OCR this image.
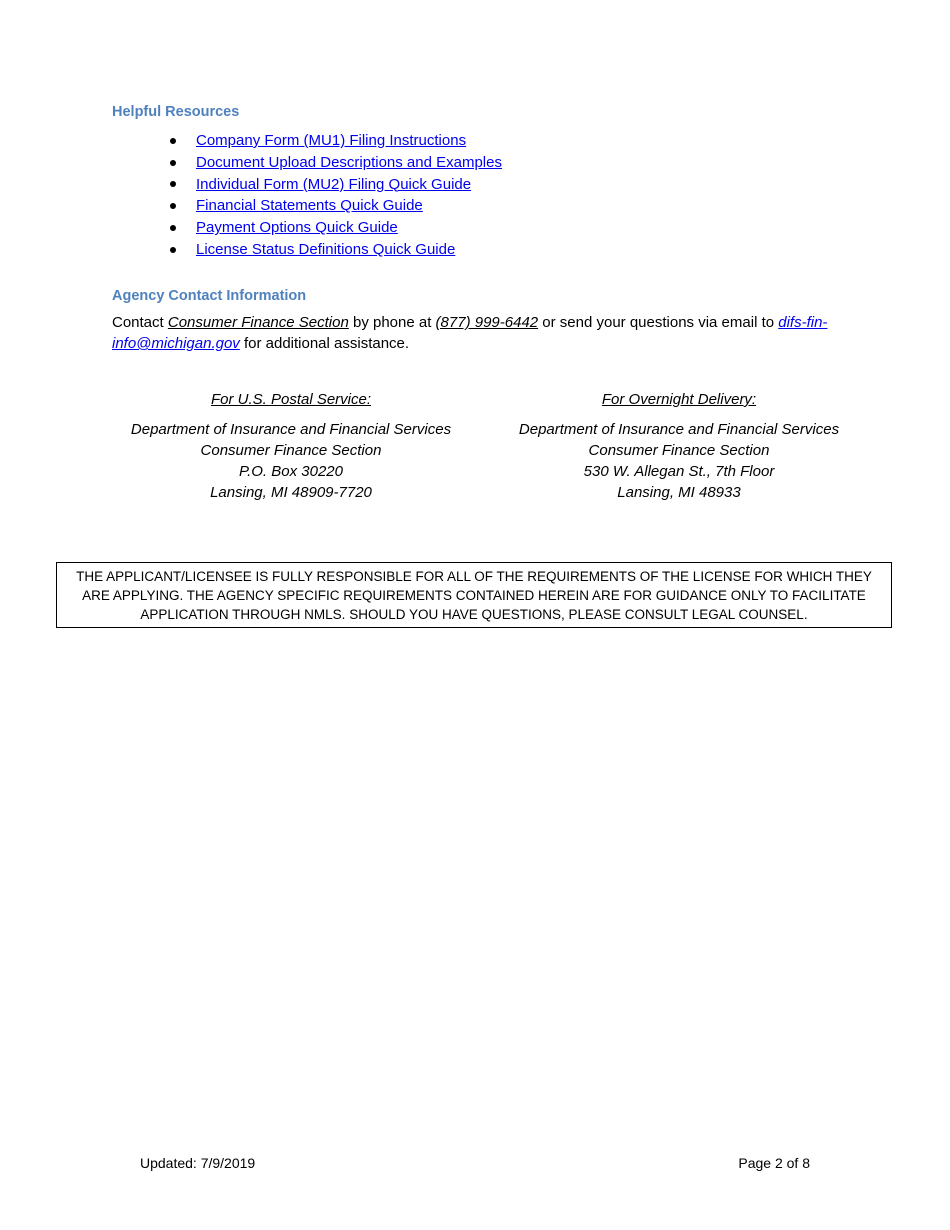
Helpful Resources
Company Form (MU1) Filing Instructions
Document Upload Descriptions and Examples
Individual Form (MU2) Filing Quick Guide
Financial Statements Quick Guide
Payment Options Quick Guide
License Status Definitions Quick Guide
Agency Contact Information

Contact Consumer Finance Section by phone at (877) 999-6442 or send your questions via email to difs-fin-info@michigan.gov for additional assistance.

For U.S. Postal Service:
Department of Insurance and Financial Services
Consumer Finance Section
P.O. Box 30220
Lansing, MI 48909-7720
For Overnight Delivery:
Department of Insurance and Financial Services
Consumer Finance Section
530 W. Allegan St., 7th Floor
Lansing, MI 48933
THE APPLICANT/LICENSEE IS FULLY RESPONSIBLE FOR ALL OF THE REQUIREMENTS OF THE LICENSE FOR WHICH THEY ARE APPLYING. THE AGENCY SPECIFIC REQUIREMENTS CONTAINED HEREIN ARE FOR GUIDANCE ONLY TO FACILITATE APPLICATION THROUGH NMLS. SHOULD YOU HAVE QUESTIONS, PLEASE CONSULT LEGAL COUNSEL.
Updated: 7/9/2019	Page 2 of 8
